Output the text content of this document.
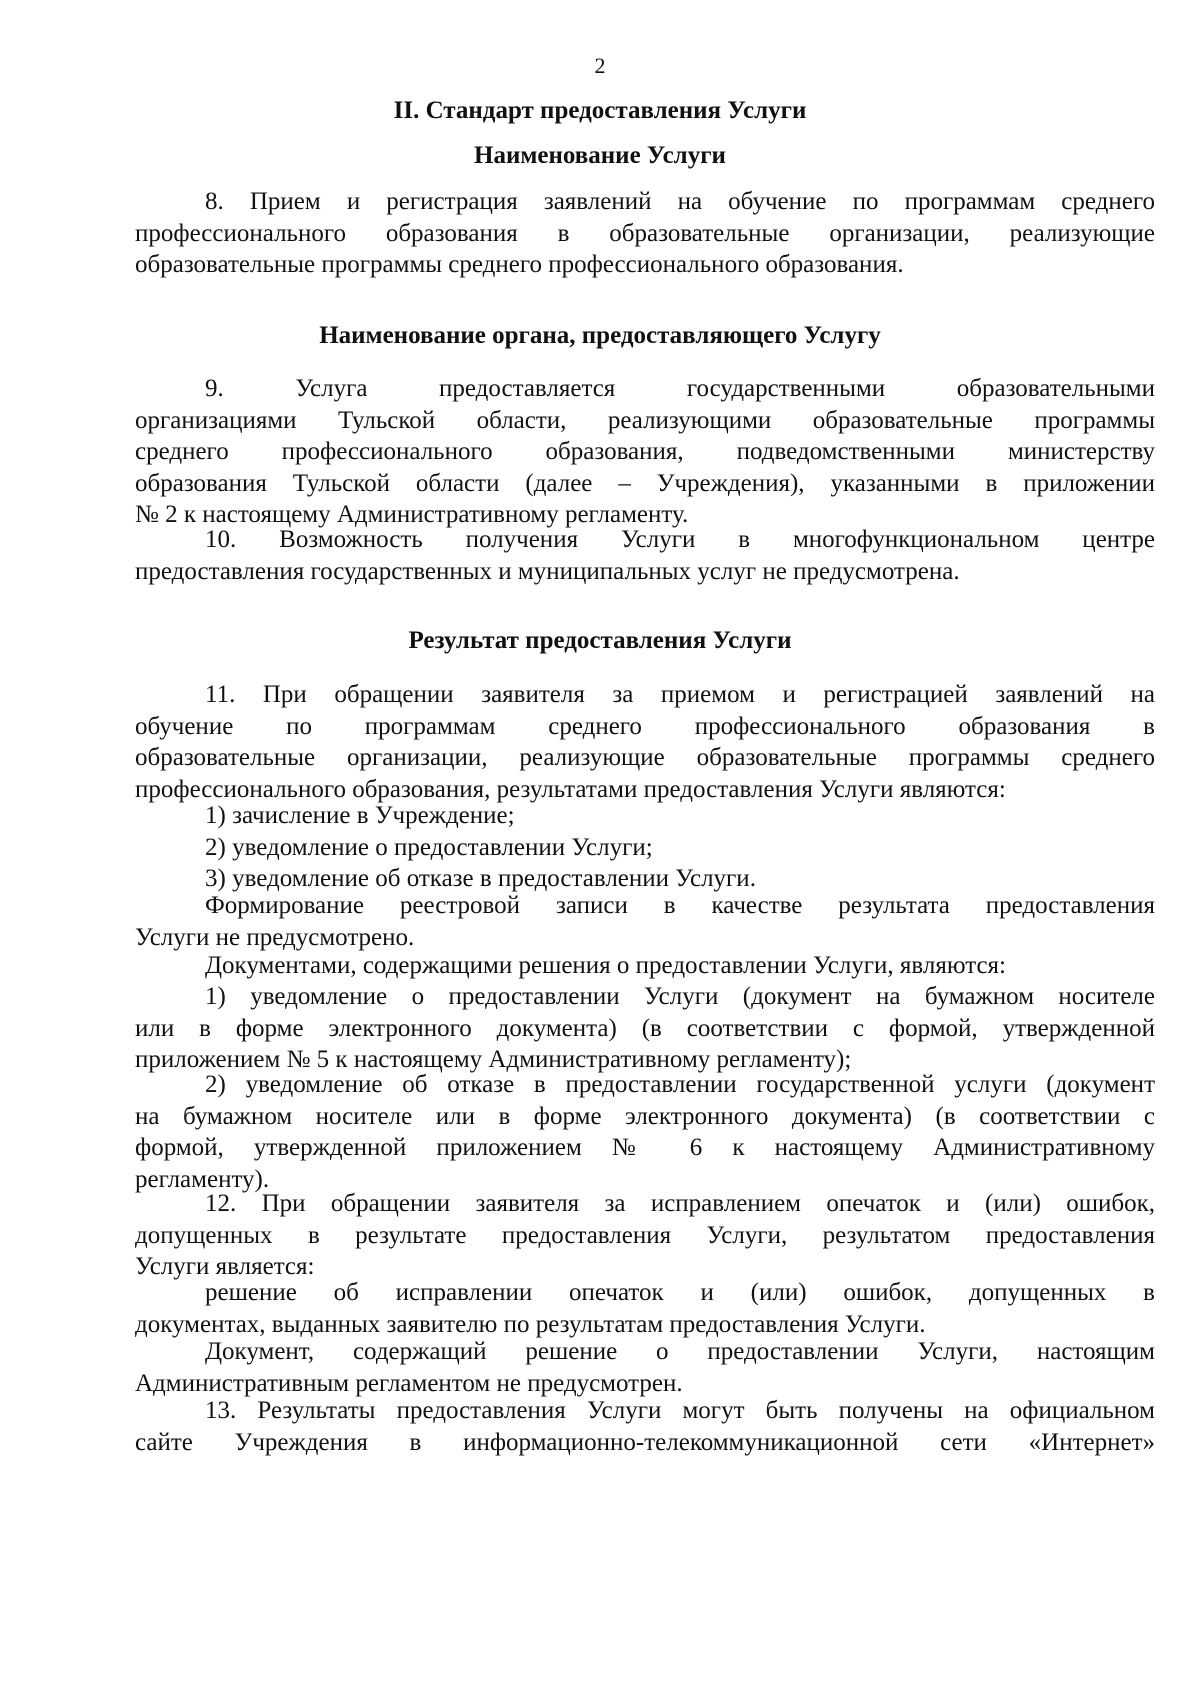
2
II. Стандарт предоставления Услуги
Наименование Услуги
8. Прием и регистрация заявлений на обучение по программам среднего
профессионального образования в образовательные организации, реализующие
образовательные программы среднего профессионального образования.
Наименование органа, предоставляющего Услугу
9. Услуга предоставляется государственными образовательными
организациями Тульской области, реализующими образовательные программы
среднего профессионального образования, подведомственными министерству
образования Тульской области (далее – Учреждения), указанными в приложении
№ 2 к настоящему Административному регламенту.
10. Возможность получения Услуги в многофункциональном центре
предоставления государственных и муниципальных услуг не предусмотрена.
Результат предоставления Услуги
11. При обращении заявителя за приемом и регистрацией заявлений на
обучение по программам среднего профессионального образования в
образовательные организации, реализующие образовательные программы среднего
профессионального образования, результатами предоставления Услуги являются:
1) зачисление в Учреждение;
2) уведомление о предоставлении Услуги;
3) уведомление об отказе в предоставлении Услуги.
Формирование реестровой записи в качестве результата предоставления
Услуги не предусмотрено.
Документами, содержащими решения о предоставлении Услуги, являются:
1) уведомление о предоставлении Услуги (документ на бумажном носителе
или в форме электронного документа) (в соответствии с формой, утвержденной
приложением № 5 к настоящему Административному регламенту);
2) уведомление об отказе в предоставлении государственной услуги (документ
на бумажном носителе или в форме электронного документа) (в соответствии с
формой, утвержденной приложением № 6 к настоящему Административному
регламенту).
12. При обращении заявителя за исправлением опечаток и (или) ошибок,
допущенных в результате предоставления Услуги, результатом предоставления
Услуги является:
решение об исправлении опечаток и (или) ошибок, допущенных в
документах, выданных заявителю по результатам предоставления Услуги.
Документ, содержащий решение о предоставлении Услуги, настоящим
Административным регламентом не предусмотрен.
13. Результаты предоставления Услуги могут быть получены на официальном
сайте Учреждения в информационно-телекоммуникационной сети «Интернет»
